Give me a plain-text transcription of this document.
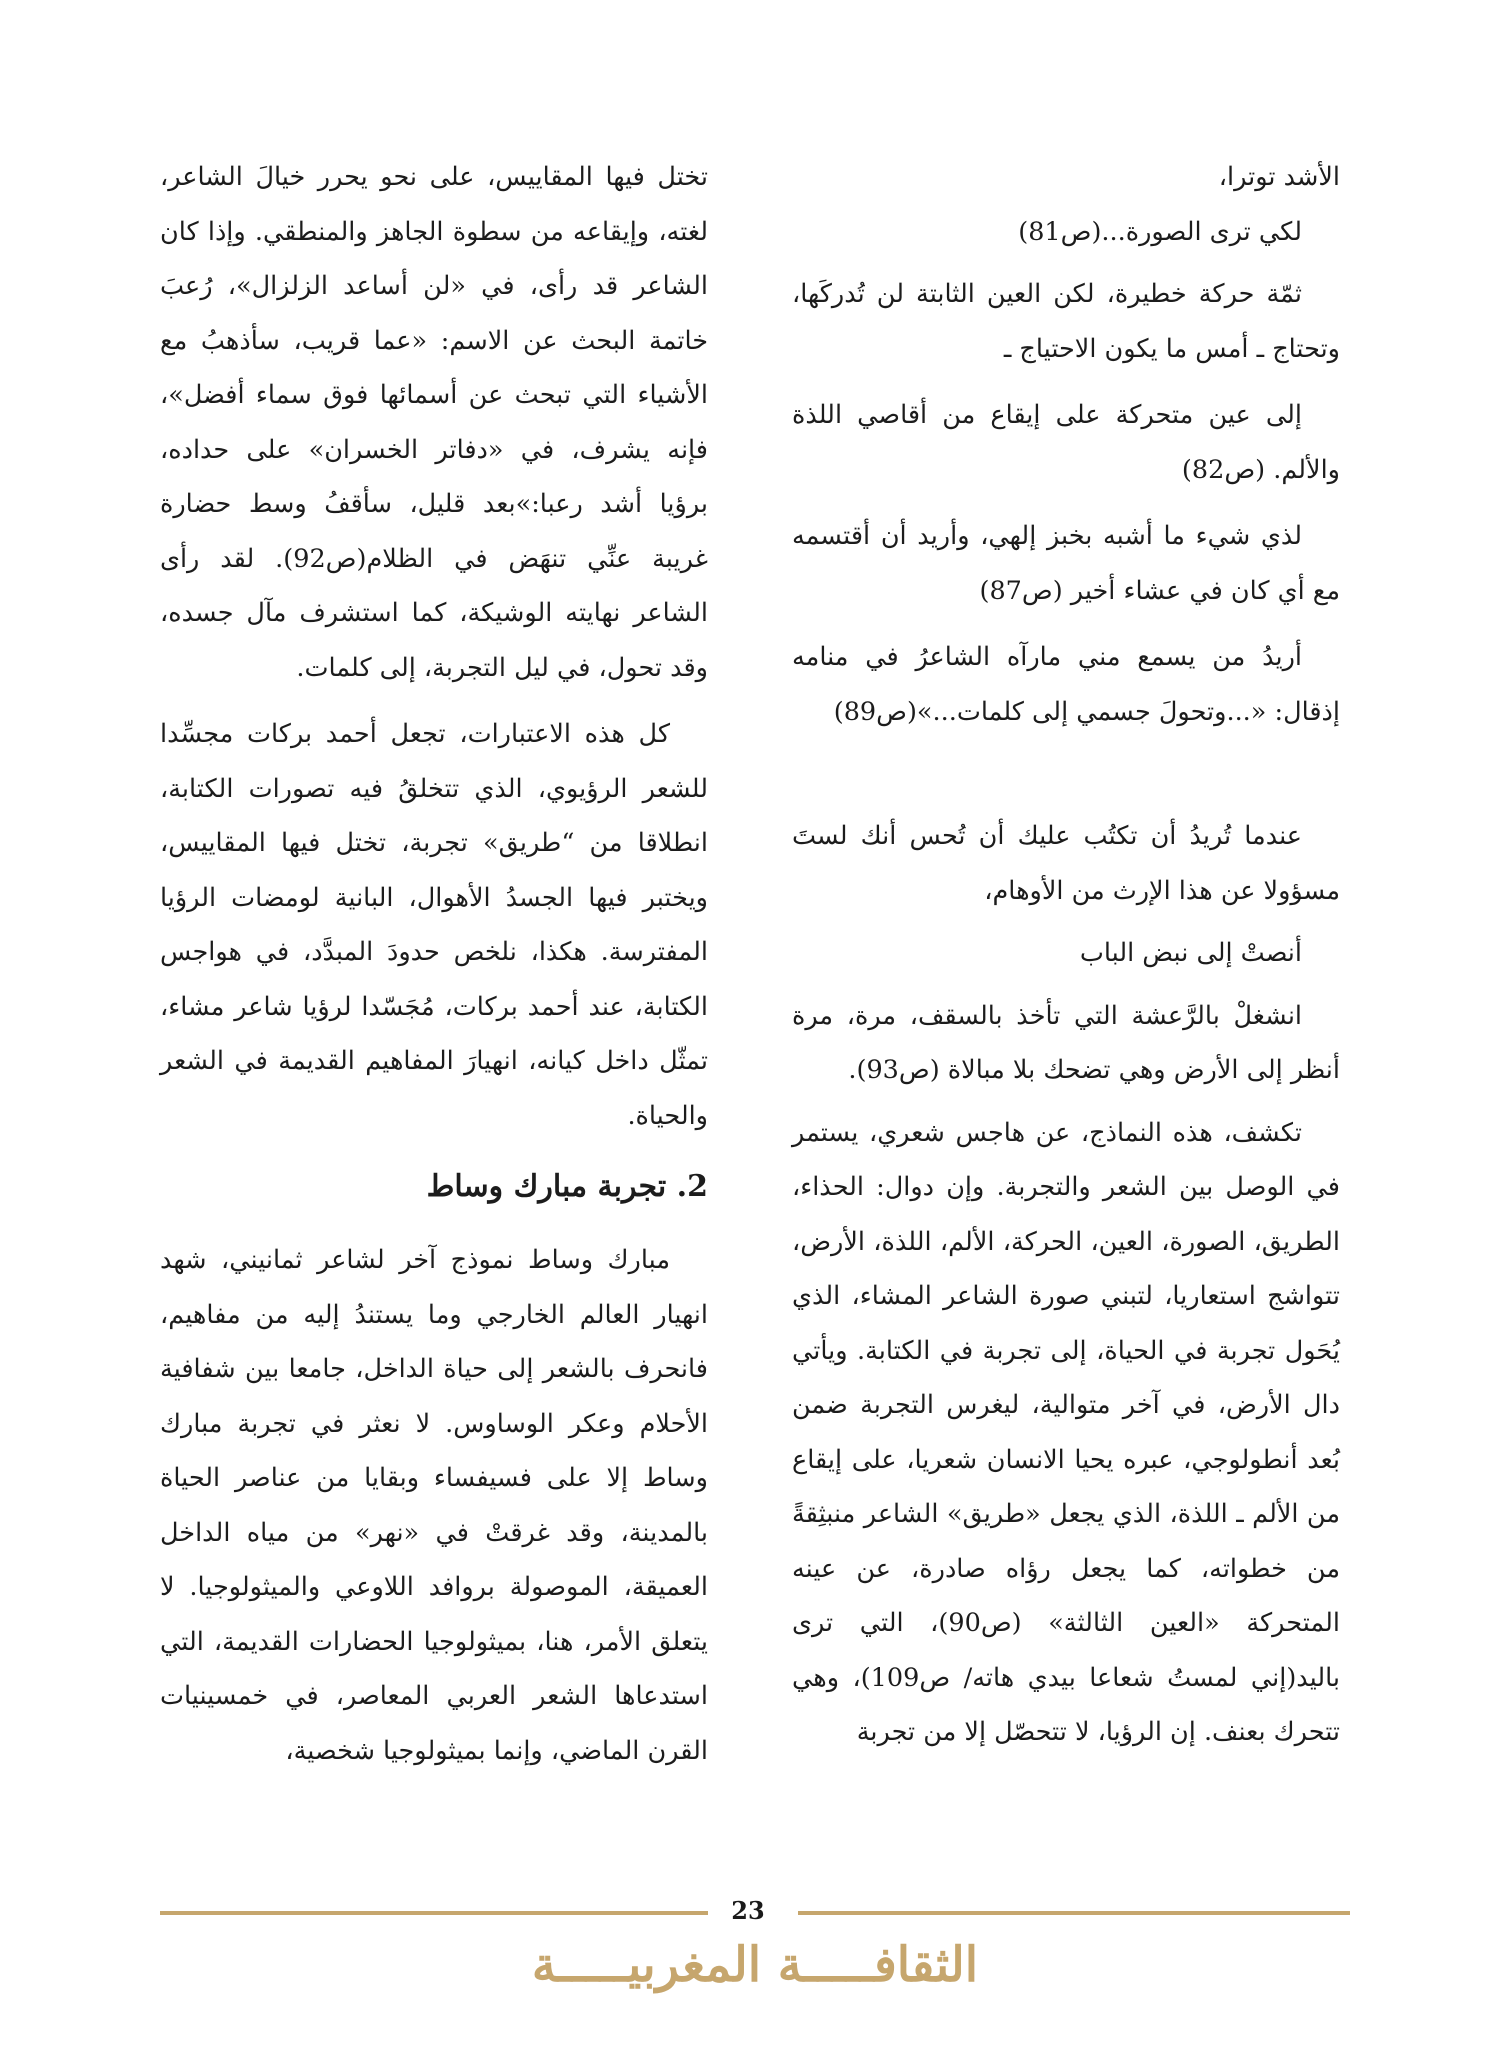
الأشد توترا،

لكي ترى الصورة...(ص81)

ثمّة حركة خطيرة، لكن العين الثابتة لن تُدركَها، وتحتاج ـ أمس ما يكون الاحتياج ـ

إلى عين متحركة على إيقاع من أقاصي اللذة والألم. (ص82)

لذي شيء ما أشبه بخبز إلهي، وأريد أن أقتسمه مع أي كان في عشاء أخير (ص87)

أريدُ من يسمع مني مارآه الشاعرُ في منامه إذقال: «...وتحولَ جسمي إلى كلمات...»(ص89)

عندما تُريدُ أن تكتُب عليك أن تُحس أنك لستَ مسؤولا عن هذا الإرث من الأوهام،

أنصتْ إلى نبض الباب

انشغلْ بالرَّعشة التي تأخذ بالسقف، مرة، مرة أنظر إلى الأرض وهي تضحك بلا مبالاة (ص93).

تكشف، هذه النماذج، عن هاجس شعري، يستمر في الوصل بين الشعر والتجربة. وإن دوال: الحذاء، الطريق، الصورة، العين، الحركة، الألم، اللذة، الأرض، تتواشج استعاريا، لتبني صورة الشاعر المشاء، الذي يُحَول تجربة في الحياة، إلى تجربة في الكتابة. ويأتي دال الأرض، في آخر متوالية، ليغرس التجربة ضمن بُعد أنطولوجي، عبره يحيا الانسان شعريا، على إيقاع من الألم ـ اللذة، الذي يجعل «طريق» الشاعر منبثِقةً من خطواته، كما يجعل رؤاه صادرة، عن عينه المتحركة «العين الثالثة» (ص90)، التي ترى باليد(إني لمستُ شعاعا بيدي هاته/ ص109)، وهي تتحرك بعنف. إن الرؤيا، لا تتحصّل إلا من تجربة

تختل فيها المقاييس، على نحو يحرر خيالَ الشاعر، لغته، وإيقاعه من سطوة الجاهز والمنطقي. وإذا كان الشاعر قد رأى، في «لن أساعد الزلزال»، رُعبَ خاتمة البحث عن الاسم: «عما قريب، سأذهبُ مع الأشياء التي تبحث عن أسمائها فوق سماء أفضل»، فإنه يشرف، في «دفاتر الخسران» على حداده، برؤيا أشد رعبا:»بعد قليل، سأقفُ وسط حضارة غريبة عنِّي تنهَض في الظلام(ص92). لقد رأى الشاعر نهايته الوشيكة، كما استشرف مآل جسده، وقد تحول، في ليل التجربة، إلى كلمات.

كل هذه الاعتبارات، تجعل أحمد بركات مجسِّدا للشعر الرؤيوي، الذي تتخلقُ فيه تصورات الكتابة، انطلاقا من “طريق» تجربة، تختل فيها المقاييس، ويختبر فيها الجسدُ الأهوال، البانية لومضات الرؤيا المفترسة. هكذا، نلخص حدودَ المبدَّد، في هواجس الكتابة، عند أحمد بركات، مُجَسّدا لرؤيا شاعر مشاء، تمثّل داخل كيانه، انهيارَ المفاهيم القديمة في الشعر والحياة.

2. تجربة مبارك وساط

مبارك وساط نموذج آخر لشاعر ثمانيني، شهد انهيار العالم الخارجي وما يستندُ إليه من مفاهيم، فانحرف بالشعر إلى حياة الداخل، جامعا بين شفافية الأحلام وعكر الوساوس. لا نعثر في تجربة مبارك وساط إلا على فسيفساء وبقايا من عناصر الحياة بالمدينة، وقد غرقتْ في «نهر» من مياه الداخل العميقة، الموصولة بروافد اللاوعي والميثولوجيا. لا يتعلق الأمر، هنا، بميثولوجيا الحضارات القديمة، التي استدعاها الشعر العربي المعاصر، في خمسينيات القرن الماضي، وإنما بميثولوجيا شخصية،

23
الثقافـــــة المغربيـــــة
